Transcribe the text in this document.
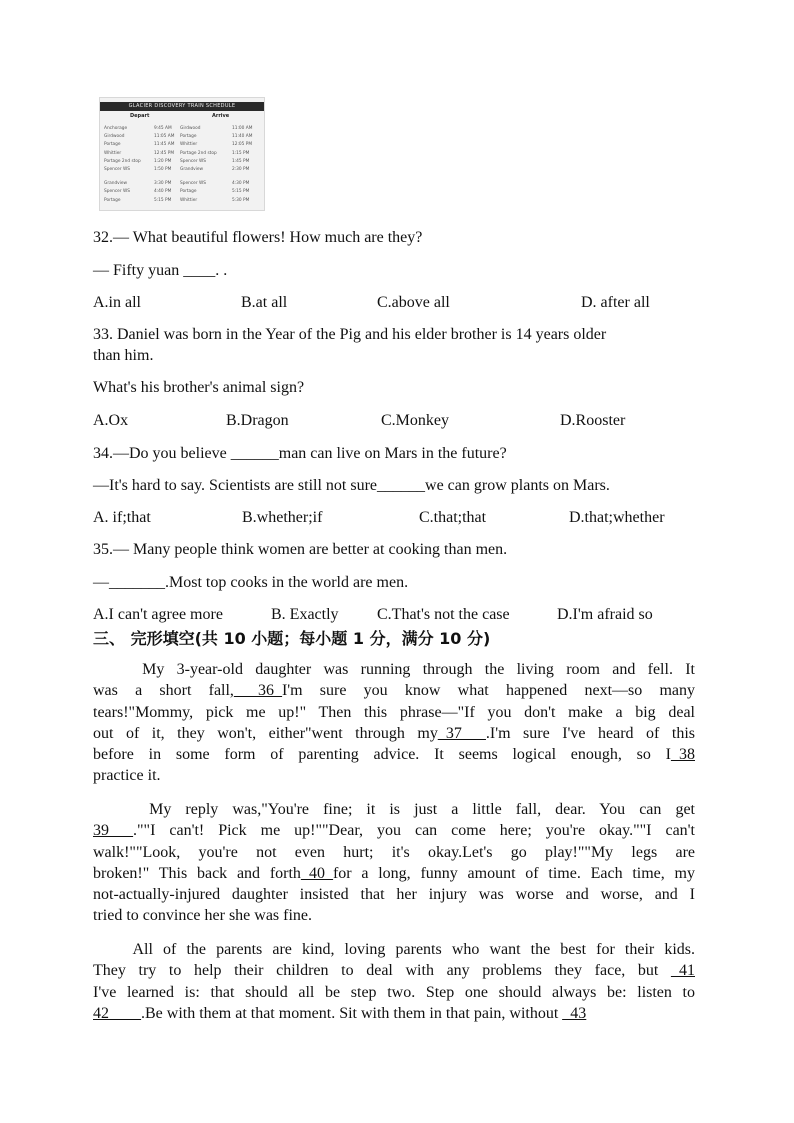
GLACIER DISCOVERY TRAIN SCHEDULE
Depart	Arrive
Anchorage	9:45 AM Girdwood	11:00 AM
Girdwood	11:05 AM Portage	11:40 AM
Portage	11:45 AM Whittier	12:05 PM
Whittier	12:45 PM Portage 2nd stop	1:15 PM
Portage 2nd stop	1:20 PM Spencer WS	1:45 PM
Spencer WS	1:50 PM Grandview	2:30 PM
Grandview	3:30 PM Spencer WS	4:30 PM
Spencer WS	4:40 PM Portage	5:15 PM
Portage	5:15 PM Whittier	5:30 PM
32.— What beautiful flowers! How much are they?
— Fifty yuan ____. .
A.in all	B.at all	C.above all	D. after all
33. Daniel was born in the Year of the Pig and his elder brother is 14 years older
than him.
What's his brother's animal sign?
A.Ox	B.Dragon	C.Monkey	D.Rooster
34.—Do you believe ______man can live on Mars in the future?
—It's hard to say. Scientists are still not sure______we can grow plants on Mars.
A. if;that	B.whether;if	C.that;that	D.that;whether
35.— Many people think women are better at cooking than men.
—_______.Most top cooks in the world are men.
A.I can't agree more	B. Exactly C.That's not the case	D.I'm afraid so
三、 完形填空(共 10 小题；每小题 1 分，满分 10 分)
My 3-year-old daughter was running through the living room and fell. It
was a short fall,___36_I'm sure you know what happened next—so many
tears!"Mommy, pick me up!" Then this phrase—"If you don't make a big deal
out of it, they won't, either"went through my_37___.I'm sure I've heard of this
before in some form of parenting advice. It seems logical enough, so I_38
practice it.
My reply was,"You're fine; it is just a little fall, dear. You can get
39___.""I can't! Pick me up!""Dear, you can come here; you're okay.""I can't
walk!""Look, you're not even hurt; it's okay.Let's go play!""My legs are
broken!" This back and forth_40_for a long, funny amount of time. Each time, my
not-actually-injured daughter insisted that her injury was worse and worse, and I
tried to convince her she was fine.
All of the parents are kind, loving parents who want the best for their kids.
They try to help their children to deal with any problems they face, but _41
I've learned is: that should all be step two. Step one should always be: listen to
42____.Be with them at that moment. Sit with them in that pain, without _43
